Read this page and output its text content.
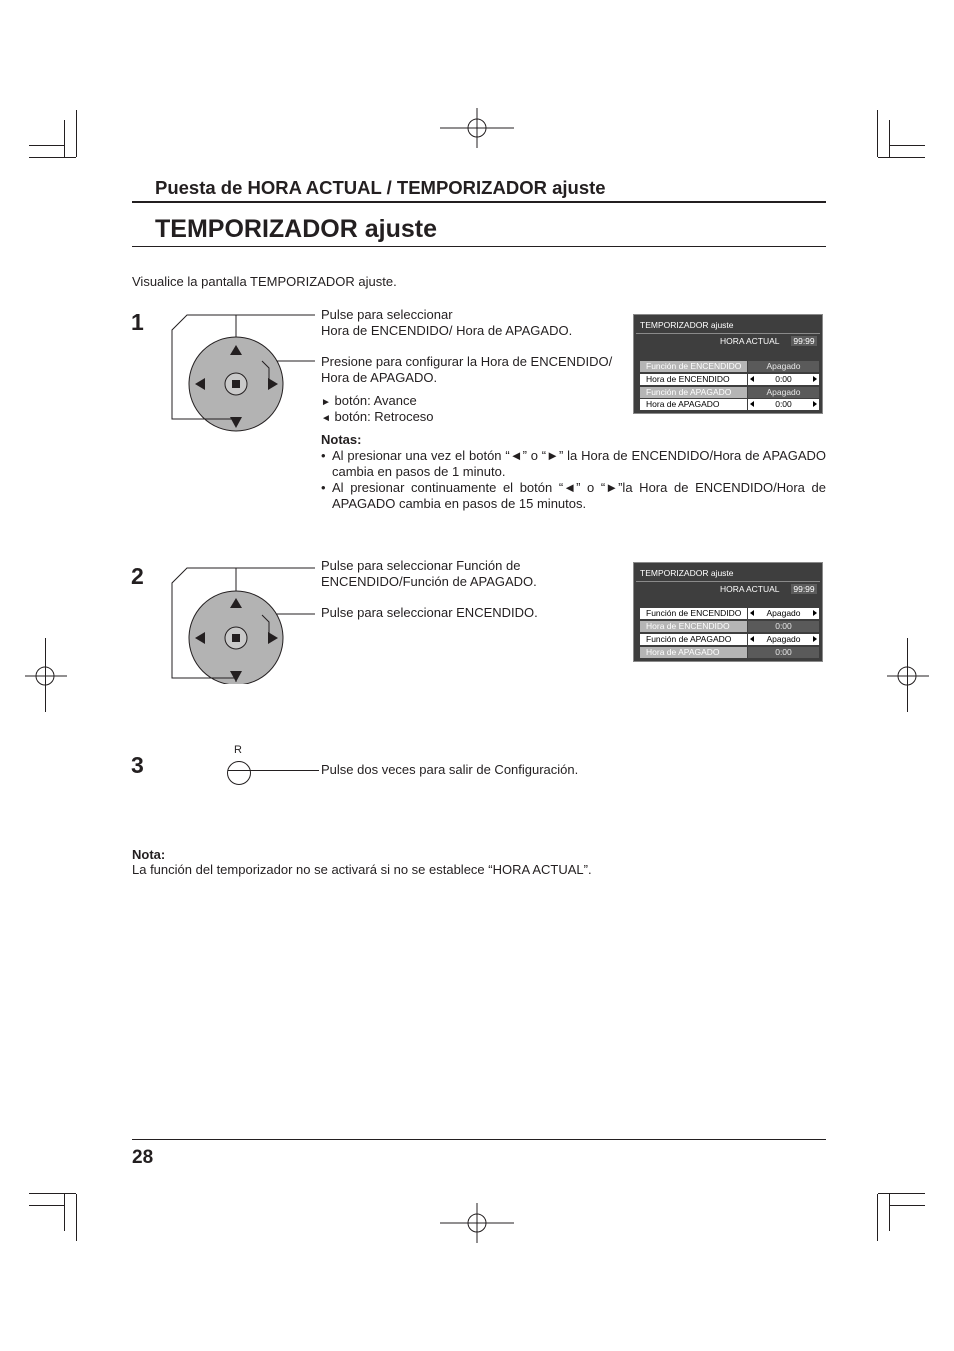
Puesta de HORA ACTUAL / TEMPORIZADOR ajuste
TEMPORIZADOR ajuste
Visualice la pantalla TEMPORIZADOR ajuste.
1	Pulse para seleccionar
Hora de ENCENDIDO/ Hora de APAGADO.
Presione para configurar la Hora de ENCENDIDO/
Hora de APAGADO.
► botón: Avance
◄ botón: Retroceso
TEMPORIZADOR ajuste
HORA ACTUAL 99:99
Función de ENCENDIDO	Apagado
Hora de ENCENDIDO	0:00
Función de APAGADO	Apagado
Hora de APAGADO	0:00
Notas:
• Al presionar una vez el botón “◄” o “►” la Hora de ENCENDIDO/Hora de APAGADO cambia en pasos de 1 minuto.
• Al presionar continuamente el botón “◄” o “►”la Hora de ENCENDIDO/Hora de APAGADO cambia en pasos de 15 minutos.
2	Pulse para seleccionar Función de
ENCENDIDO/Función de APAGADO.
Pulse para seleccionar ENCENDIDO.
TEMPORIZADOR ajuste
HORA ACTUAL 99:99
Función de ENCENDIDO	Apagado
Hora de ENCENDIDO	0:00
Función de APAGADO	Apagado
Hora de APAGADO	0:00
3
R
Pulse dos veces para salir de Configuración.
Nota:
La función del temporizador no se activará si no se establece “HORA ACTUAL”.
28
